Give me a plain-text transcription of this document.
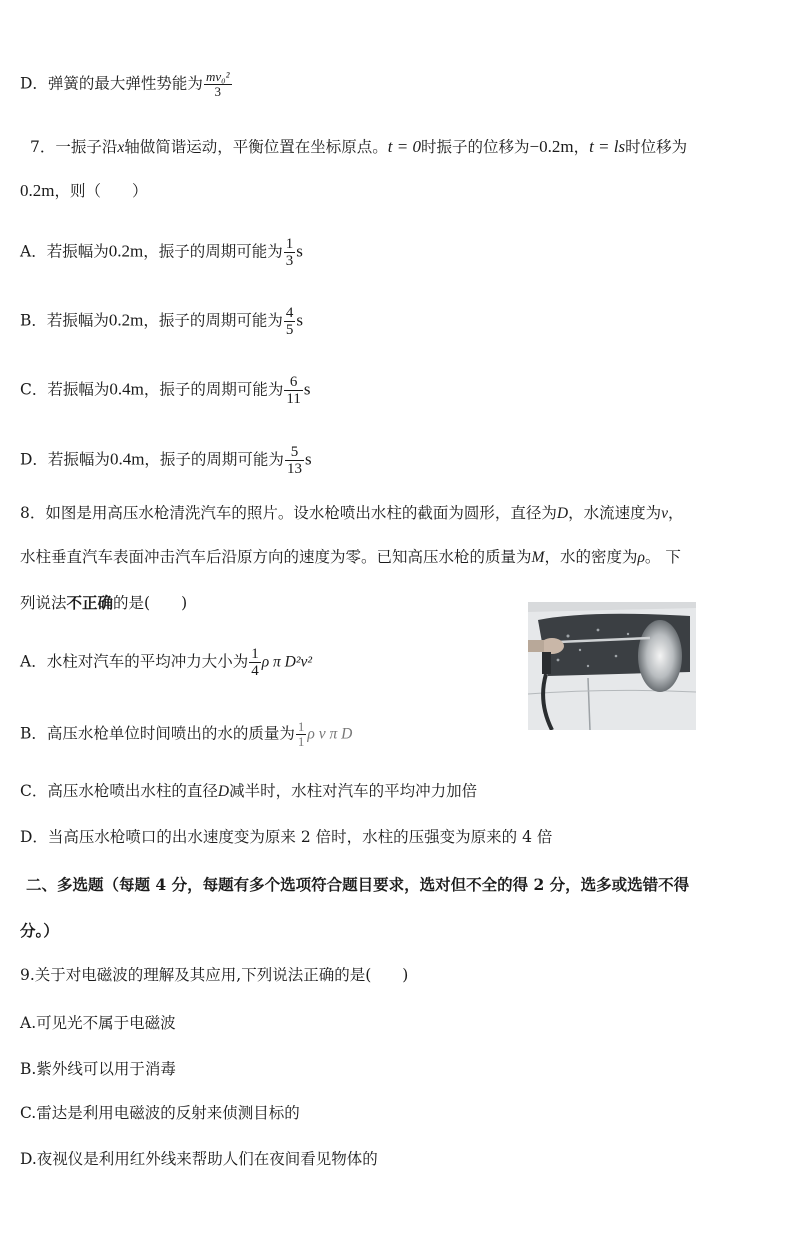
D．弹簧的最大弹性势能为 $\frac{\text{mv₀²}}{3}$
7．一振子沿x轴做简谐运动，平衡位置在坐标原点。t = 0时振子的位移为−0.2m，t = ls时位移为
0.2m，则（　　）
A．若振幅为0.2m，振子的周期可能为 $\frac{1}{3}$ s
B．若振幅为0.2m，振子的周期可能为 $\frac{4}{5}$ s
C．若振幅为0.4m，振子的周期可能为 $\frac{6}{11}$ s
D．若振幅为0.4m，振子的周期可能为 $\frac{5}{13}$ s
8．如图是用高压水枪清洗汽车的照片。设水枪喷出水柱的截面为圆形，直径为D，水流速度为v，
水柱垂直汽车表面冲击汽车后沿原方向的速度为零。已知高压水枪的质量为M，水的密度为ρ。 下
列说法不正确的是(　　)
A．水柱对汽车的平均冲力大小为 $\frac{1}{4}$ ρ π D²v²
B．高压水枪单位时间喷出的水的质量为 $\frac{1}{1}$ ρ v π D
C．高压水枪喷出水柱的直径D减半时，水柱对汽车的平均冲力加倍
D．当高压水枪喷口的出水速度变为原来 2 倍时，水柱的压强变为原来的 4 倍
二、多选题（每题 4 分，每题有多个选项符合题目要求，选对但不全的得 2 分，选多或选错不得
分。）
9.关于对电磁波的理解及其应用,下列说法正确的是(　　)
A.可见光不属于电磁波
B.紫外线可以用于消毒
C.雷达是利用电磁波的反射来侦测目标的
D.夜视仪是利用红外线来帮助人们在夜间看见物体的
